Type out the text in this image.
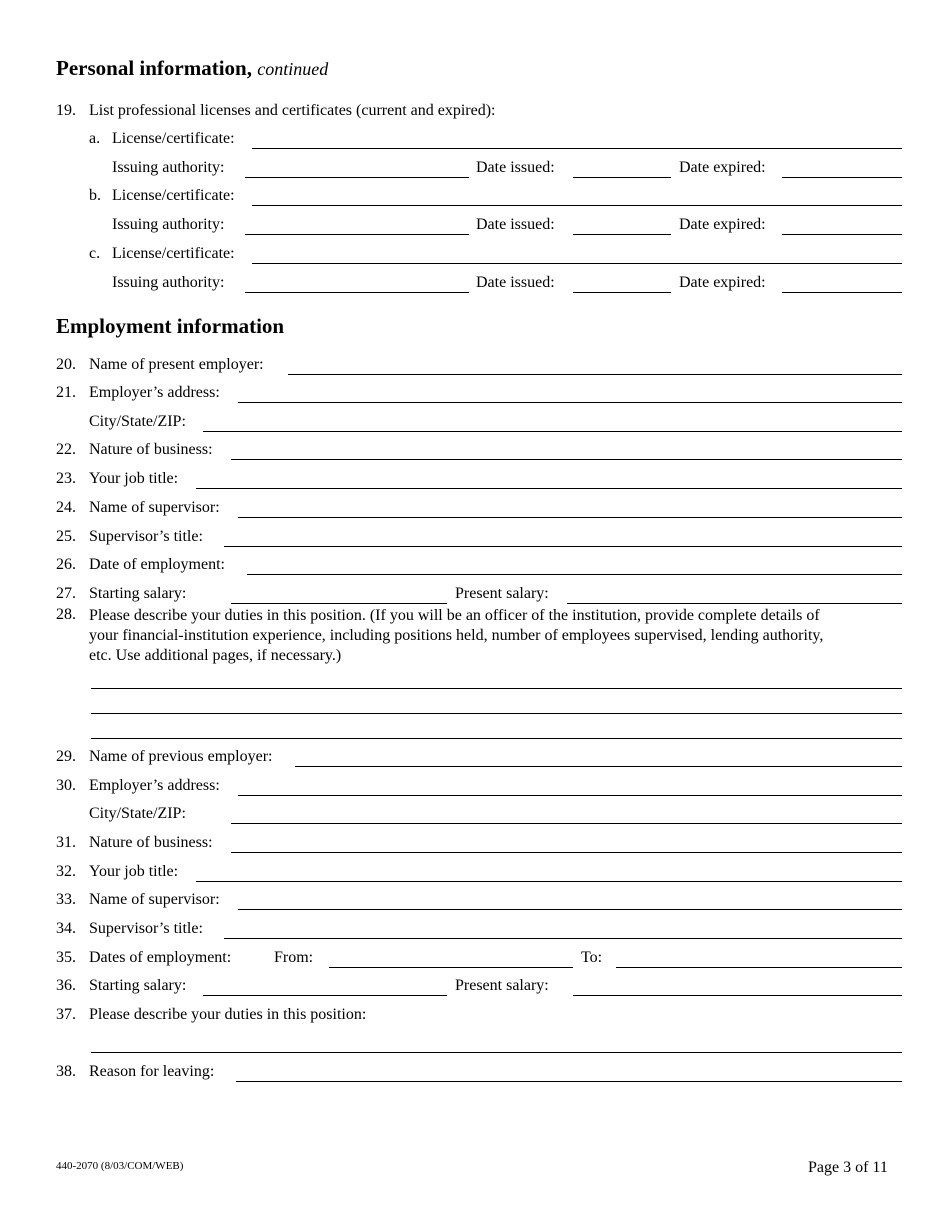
Personal information, continued
19. List professional licenses and certificates (current and expired):
a. License/certificate:
Issuing authority:	Date issued:	Date expired:
b. License/certificate:
Issuing authority:	Date issued:	Date expired:
c. License/certificate:
Issuing authority:	Date issued:	Date expired:
Employment information
20. Name of present employer:
21. Employer’s address:
City/State/ZIP:
22. Nature of business:
23. Your job title:
24. Name of supervisor:
25. Supervisor’s title:
26. Date of employment:
27. Starting salary:	Present salary:
28. Please describe your duties in this position. (If you will be an officer of the institution, provide complete details of your financial-institution experience, including positions held, number of employees supervised, lending authority, etc. Use additional pages, if necessary.)
29. Name of previous employer:
30. Employer’s address:
City/State/ZIP:
31. Nature of business:
32. Your job title:
33. Name of supervisor:
34. Supervisor’s title:
35. Dates of employment:	From:	To:
36. Starting salary:	Present salary:
37. Please describe your duties in this position:
38. Reason for leaving:
440-2070 (8/03/COM/WEB)	Page 3 of 11
